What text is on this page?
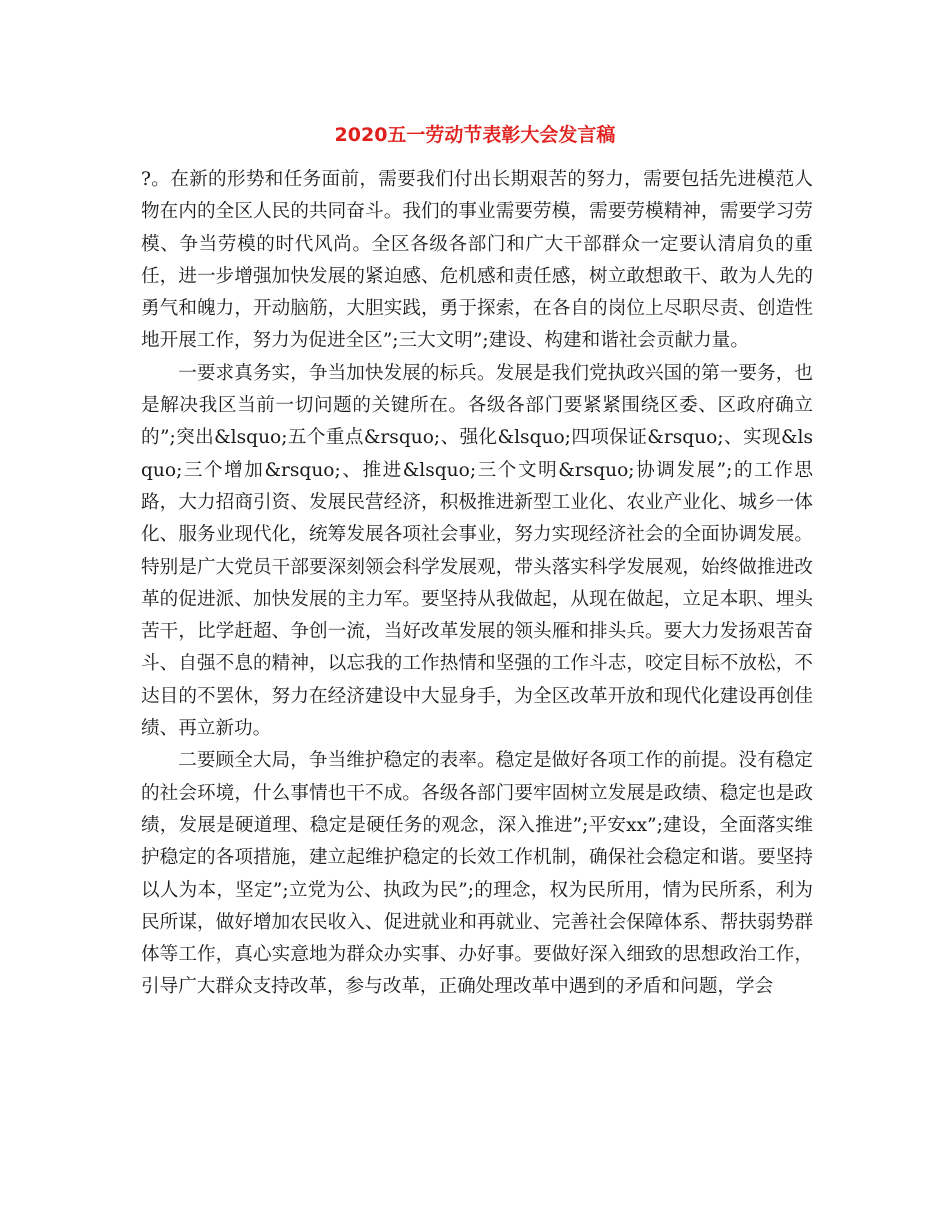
2020五一劳动节表彰大会发言稿

?。在新的形势和任务面前，需要我们付出长期艰苦的努力，需要包括先进模范人物在内的全区人民的共同奋斗。我们的事业需要劳模，需要劳模精神，需要学习劳模、争当劳模的时代风尚。全区各级各部门和广大干部群众一定要认清肩负的重任，进一步增强加快发展的紧迫感、危机感和责任感，树立敢想敢干、敢为人先的勇气和魄力，开动脑筋，大胆实践，勇于探索，在各自的岗位上尽职尽责、创造性地开展工作，努力为促进全区”;三大文明”;建设、构建和谐社会贡献力量。

一要求真务实，争当加快发展的标兵。发展是我们党执政兴国的第一要务，也是解决我区当前一切问题的关键所在。各级各部门要紧紧围绕区委、区政府确立的”;突出&lsquo;五个重点&rsquo;、强化&lsquo;四项保证&rsquo;、实现&lsquo;三个增加&rsquo;、推进&lsquo;三个文明&rsquo;协调发展”;的工作思路，大力招商引资、发展民营经济，积极推进新型工业化、农业产业化、城乡一体化、服务业现代化，统筹发展各项社会事业，努力实现经济社会的全面协调发展。特别是广大党员干部要深刻领会科学发展观，带头落实科学发展观，始终做推进改革的促进派、加快发展的主力军。要坚持从我做起，从现在做起，立足本职、埋头苦干，比学赶超、争创一流，当好改革发展的领头雁和排头兵。要大力发扬艰苦奋斗、自强不息的精神，以忘我的工作热情和坚强的工作斗志，咬定目标不放松，不达目的不罢休，努力在经济建设中大显身手，为全区改革开放和现代化建设再创佳绩、再立新功。

二要顾全大局，争当维护稳定的表率。稳定是做好各项工作的前提。没有稳定的社会环境，什么事情也干不成。各级各部门要牢固树立发展是政绩、稳定也是政绩，发展是硬道理、稳定是硬任务的观念，深入推进”;平安xx”;建设，全面落实维护稳定的各项措施，建立起维护稳定的长效工作机制，确保社会稳定和谐。要坚持以人为本，坚定”;立党为公、执政为民”;的理念，权为民所用，情为民所系，利为民所谋，做好增加农民收入、促进就业和再就业、完善社会保障体系、帮扶弱势群体等工作，真心实意地为群众办实事、办好事。要做好深入细致的思想政治工作，引导广大群众支持改革，参与改革，正确处理改革中遇到的矛盾和问题，学会
